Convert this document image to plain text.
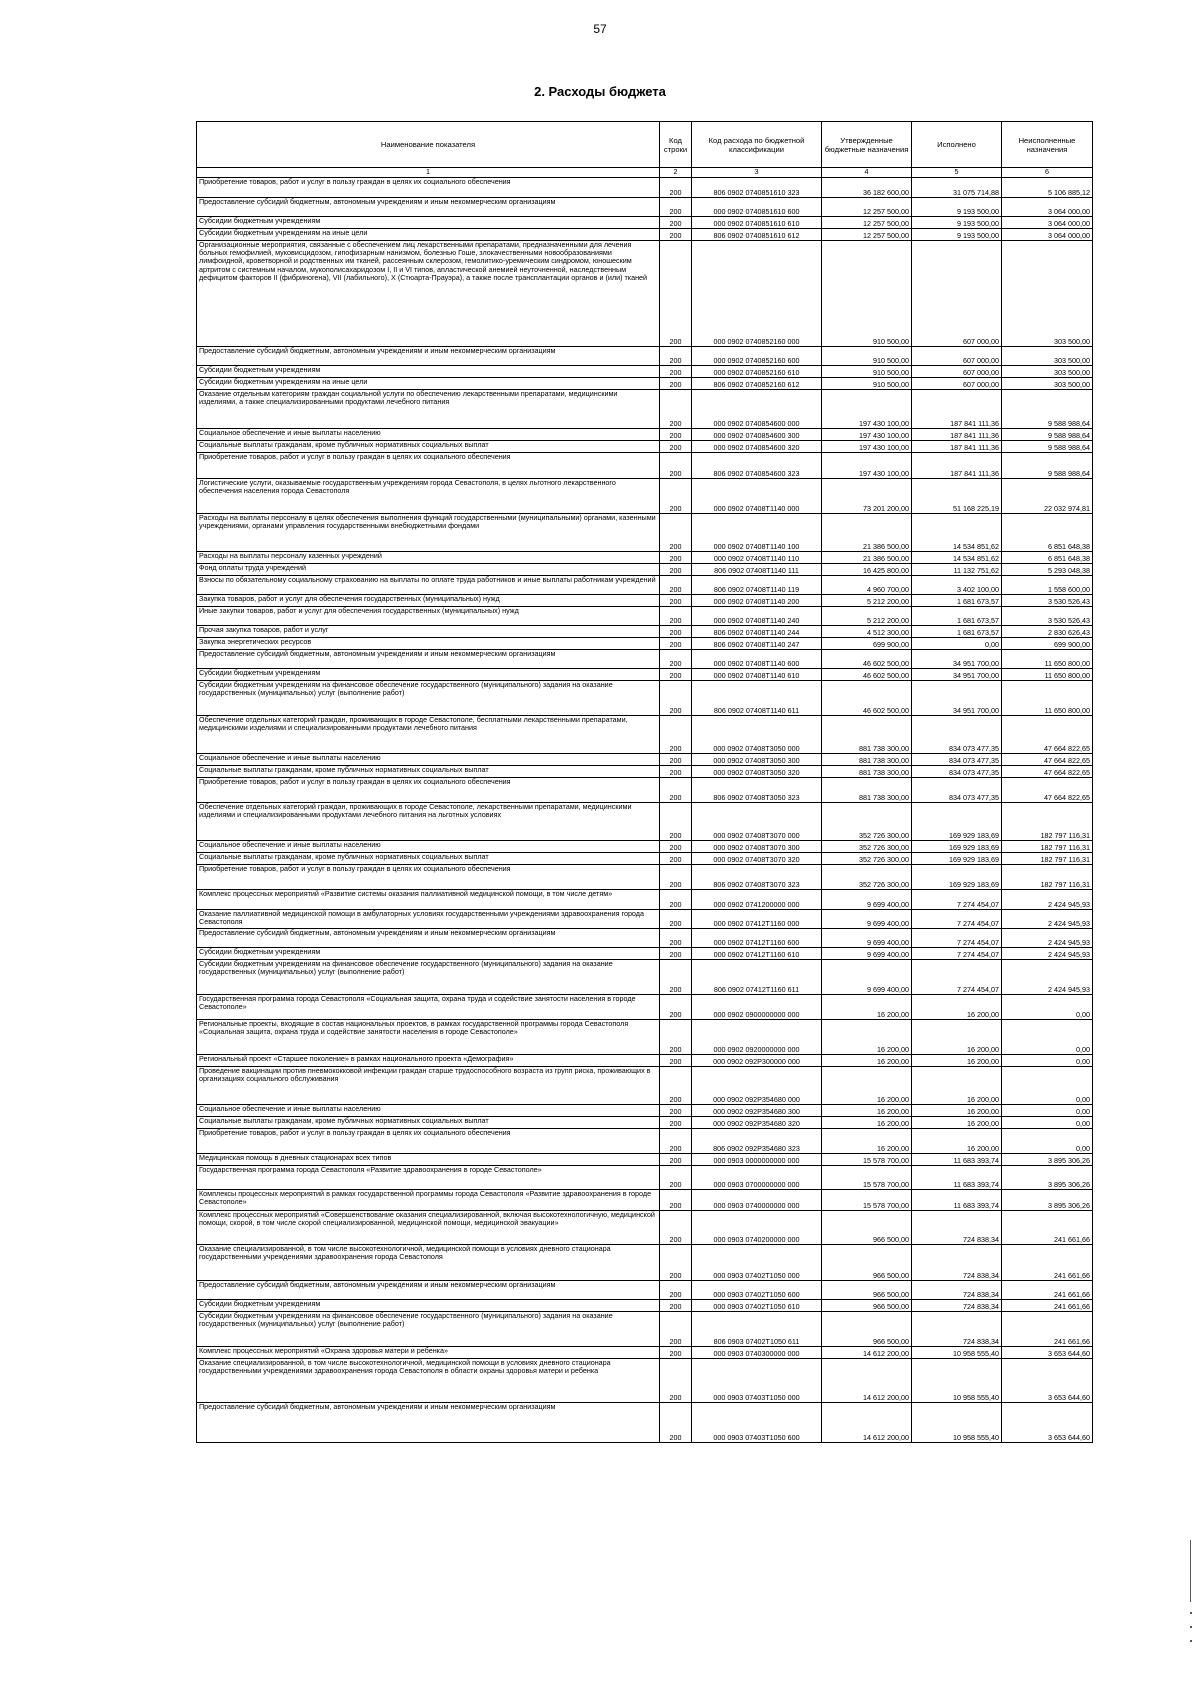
57
2. Расходы бюджета
Наименование показателя	Код строки	Код расхода по бюджетной классификации	Утвержденные бюджетные назначения	Исполнено	Неисполненные назначения
1	2	3	4	5	6
Приобретение товаров, работ и услуг в пользу граждан в целях их социального обеспечения	200	806 0902 0740851610 323	36 182 600,00	31 075 714,88	5 106 885,12
Предоставление субсидий бюджетным, автономным учреждениям и иным некоммерческим организациям	200	000 0902 0740851610 600	12 257 500,00	9 193 500,00	3 064 000,00
Субсидии бюджетным учреждениям	200	000 0902 0740851610 610	12 257 500,00	9 193 500,00	3 064 000,00
Субсидии бюджетным учреждениям на иные цели	200	806 0902 0740851610 612	12 257 500,00	9 193 500,00	3 064 000,00
Организационные мероприятия, связанные с обеспечением лиц лекарственными препаратами, предназначенными для лечения больных гемофилией, муковисцидозом, гипофизарным нанизмом, болезнью Гоше, злокачественными новообразованиями лимфоидной, кроветворной и родственных им тканей, рассеянным склерозом, гемолитико-уремическим синдромом, юношеским артритом с системным началом, мукополисахаридозом I, II и VI типов, апластической анемией неуточненной, наследственным дефицитом факторов II (фибриногена), VII (лабильного), X (Стюарта-Прауэра), а также после трансплантации органов и (или) тканей	200	000 0902 0740852160 000	910 500,00	607 000,00	303 500,00
Предоставление субсидий бюджетным, автономным учреждениям и иным некоммерческим организациям	200	000 0902 0740852160 600	910 500,00	607 000,00	303 500,00
Субсидии бюджетным учреждениям	200	000 0902 0740852160 610	910 500,00	607 000,00	303 500,00
Субсидии бюджетным учреждениям на иные цели	200	806 0902 0740852160 612	910 500,00	607 000,00	303 500,00
Оказание отдельным категориям граждан социальной услуги по обеспечению лекарственными препаратами, медицинскими изделиями, а также специализированными продуктами лечебного питания	200	000 0902 0740854600 000	197 430 100,00	187 841 111,36	9 588 988,64
Социальное обеспечение и иные выплаты населению	200	000 0902 0740854600 300	197 430 100,00	187 841 111,36	9 588 988,64
Социальные выплаты гражданам, кроме публичных нормативных социальных выплат	200	000 0902 0740854600 320	197 430 100,00	187 841 111,36	9 588 988,64
Приобретение товаров, работ и услуг в пользу граждан в целях их социального обеспечения	200	806 0902 0740854600 323	197 430 100,00	187 841 111,36	9 588 988,64
Логистические услуги, оказываемые государственным учреждениям города Севастополя, в целях льготного лекарственного обеспечения населения города Севастополя	200	000 0902 07408T1140 000	73 201 200,00	51 168 225,19	22 032 974,81
Расходы на выплаты персоналу в целях обеспечения выполнения функций государственными (муниципальными) органами, казенными учреждениями, органами управления государственными внебюджетными фондами	200	000 0902 07408T1140 100	21 386 500,00	14 534 851,62	6 851 648,38
Расходы на выплаты персоналу казенных учреждений	200	000 0902 07408T1140 110	21 386 500,00	14 534 851,62	6 851 648,38
Фонд оплаты труда учреждений	200	806 0902 07408T1140 111	16 425 800,00	11 132 751,62	5 293 048,38
Взносы по обязательному социальному страхованию на выплаты по оплате труда работников и иные выплаты работникам учреждений	200	806 0902 07408T1140 119	4 960 700,00	3 402 100,00	1 558 600,00
Закупка товаров, работ и услуг для обеспечения государственных (муниципальных) нужд	200	000 0902 07408T1140 200	5 212 200,00	1 681 673,57	3 530 526,43
Иные закупки товаров, работ и услуг для обеспечения государственных (муниципальных) нужд	200	000 0902 07408T1140 240	5 212 200,00	1 681 673,57	3 530 526,43
Прочая закупка товаров, работ и услуг	200	806 0902 07408T1140 244	4 512 300,00	1 681 673,57	2 830 626,43
Закупка энергетических ресурсов	200	806 0902 07408T1140 247	699 900,00	0,00	699 900,00
Предоставление субсидий бюджетным, автономным учреждениям и иным некоммерческим организациям	200	000 0902 07408T1140 600	46 602 500,00	34 951 700,00	11 650 800,00
Субсидии бюджетным учреждениям	200	000 0902 07408T1140 610	46 602 500,00	34 951 700,00	11 650 800,00
Субсидии бюджетным учреждениям на финансовое обеспечение государственного (муниципального) задания на оказание государственных (муниципальных) услуг (выполнение работ)	200	806 0902 07408T1140 611	46 602 500,00	34 951 700,00	11 650 800,00
Обеспечение отдельных категорий граждан, проживающих в городе Севастополе, бесплатными лекарственными препаратами, медицинскими изделиями и специализированными продуктами лечебного питания	200	000 0902 07408T3050 000	881 738 300,00	834 073 477,35	47 664 822,65
Социальное обеспечение и иные выплаты населению	200	000 0902 07408T3050 300	881 738 300,00	834 073 477,35	47 664 822,65
Социальные выплаты гражданам, кроме публичных нормативных социальных выплат	200	000 0902 07408T3050 320	881 738 300,00	834 073 477,35	47 664 822,65
Приобретение товаров, работ и услуг в пользу граждан в целях их социального обеспечения	200	806 0902 07408T3050 323	881 738 300,00	834 073 477,35	47 664 822,65
Обеспечение отдельных категорий граждан, проживающих в городе Севастополе, лекарственными препаратами, медицинскими изделиями и специализированными продуктами лечебного питания на льготных условиях	200	000 0902 07408T3070 000	352 726 300,00	169 929 183,69	182 797 116,31
Социальное обеспечение и иные выплаты населению	200	000 0902 07408T3070 300	352 726 300,00	169 929 183,69	182 797 116,31
Социальные выплаты гражданам, кроме публичных нормативных социальных выплат	200	000 0902 07408T3070 320	352 726 300,00	169 929 183,69	182 797 116,31
Приобретение товаров, работ и услуг в пользу граждан в целях их социального обеспечения	200	806 0902 07408T3070 323	352 726 300,00	169 929 183,69	182 797 116,31
Комплекс процессных мероприятий «Развитие системы оказания паллиативной медицинской помощи, в том числе детям»	200	000 0902 0741200000 000	9 699 400,00	7 274 454,07	2 424 945,93
Оказание паллиативной медицинской помощи в амбулаторных условиях государственными учреждениями здравоохранения города Севастополя	200	000 0902 07412T1160 000	9 699 400,00	7 274 454,07	2 424 945,93
Предоставление субсидий бюджетным, автономным учреждениям и иным некоммерческим организациям	200	000 0902 07412T1160 600	9 699 400,00	7 274 454,07	2 424 945,93
Субсидии бюджетным учреждениям	200	000 0902 07412T1160 610	9 699 400,00	7 274 454,07	2 424 945,93
Субсидии бюджетным учреждениям на финансовое обеспечение государственного (муниципального) задания на оказание государственных (муниципальных) услуг (выполнение работ)	200	806 0902 07412T1160 611	9 699 400,00	7 274 454,07	2 424 945,93
Государственная программа города Севастополя «Социальная защита, охрана труда и содействие занятости населения в городе Севастополе»	200	000 0902 0900000000 000	16 200,00	16 200,00	0,00
Региональные проекты, входящие в состав национальных проектов, в рамках государственной программы города Севастополя «Социальная защита, охрана труда и содействие занятости населения в городе Севастополе»	200	000 0902 0920000000 000	16 200,00	16 200,00	0,00
Региональный проект «Старшее поколение» в рамках национального проекта «Демография»	200	000 0902 092P300000 000	16 200,00	16 200,00	0,00
Проведение вакцинации против пневмококковой инфекции граждан старше трудоспособного возраста из групп риска, проживающих в организациях социального обслуживания	200	000 0902 092P354680 000	16 200,00	16 200,00	0,00
Социальное обеспечение и иные выплаты населению	200	000 0902 092P354680 300	16 200,00	16 200,00	0,00
Социальные выплаты гражданам, кроме публичных нормативных социальных выплат	200	000 0902 092P354680 320	16 200,00	16 200,00	0,00
Приобретение товаров, работ и услуг в пользу граждан в целях их социального обеспечения	200	806 0902 092P354680 323	16 200,00	16 200,00	0,00
Медицинская помощь в дневных стационарах всех типов	200	000 0903 0000000000 000	15 578 700,00	11 683 393,74	3 895 306,26
Государственная программа города Севастополя «Развитие здравоохранения в городе Севастополе»	200	000 0903 0700000000 000	15 578 700,00	11 683 393,74	3 895 306,26
Комплексы процессных мероприятий в рамках государственной программы города Севастополя «Развитие здравоохранения в городе Севастополе»	200	000 0903 0740000000 000	15 578 700,00	11 683 393,74	3 895 306,26
Комплекс процессных мероприятий «Совершенствование оказания специализированной, включая высокотехнологичную, медицинской помощи, скорой, в том числе скорой специализированной, медицинской помощи, медицинской эвакуации»	200	000 0903 0740200000 000	966 500,00	724 838,34	241 661,66
Оказание специализированной, в том числе высокотехнологичной, медицинской помощи в условиях дневного стационара государственными учреждениями здравоохранения города Севастополя	200	000 0903 07402T1050 000	966 500,00	724 838,34	241 661,66
Предоставление субсидий бюджетным, автономным учреждениям и иным некоммерческим организациям	200	000 0903 07402T1050 600	966 500,00	724 838,34	241 661,66
Субсидии бюджетным учреждениям	200	000 0903 07402T1050 610	966 500,00	724 838,34	241 661,66
Субсидии бюджетным учреждениям на финансовое обеспечение государственного (муниципального) задания на оказание государственных (муниципальных) услуг (выполнение работ)	200	806 0903 07402T1050 611	966 500,00	724 838,34	241 661,66
Комплекс процессных мероприятий «Охрана здоровья матери и ребенка»	200	000 0903 0740300000 000	14 612 200,00	10 958 555,40	3 653 644,60
Оказание специализированной, в том числе высокотехнологичной, медицинской помощи в условиях дневного стационара государственными учреждениями здравоохранения города Севастополя в области охраны здоровья матери и ребенка	200	000 0903 07403T1050 000	14 612 200,00	10 958 555,40	3 653 644,60
Предоставление субсидий бюджетным, автономным учреждениям и иным некоммерческим организациям	200	000 0903 07403T1050 600	14 612 200,00	10 958 555,40	3 653 644,60
